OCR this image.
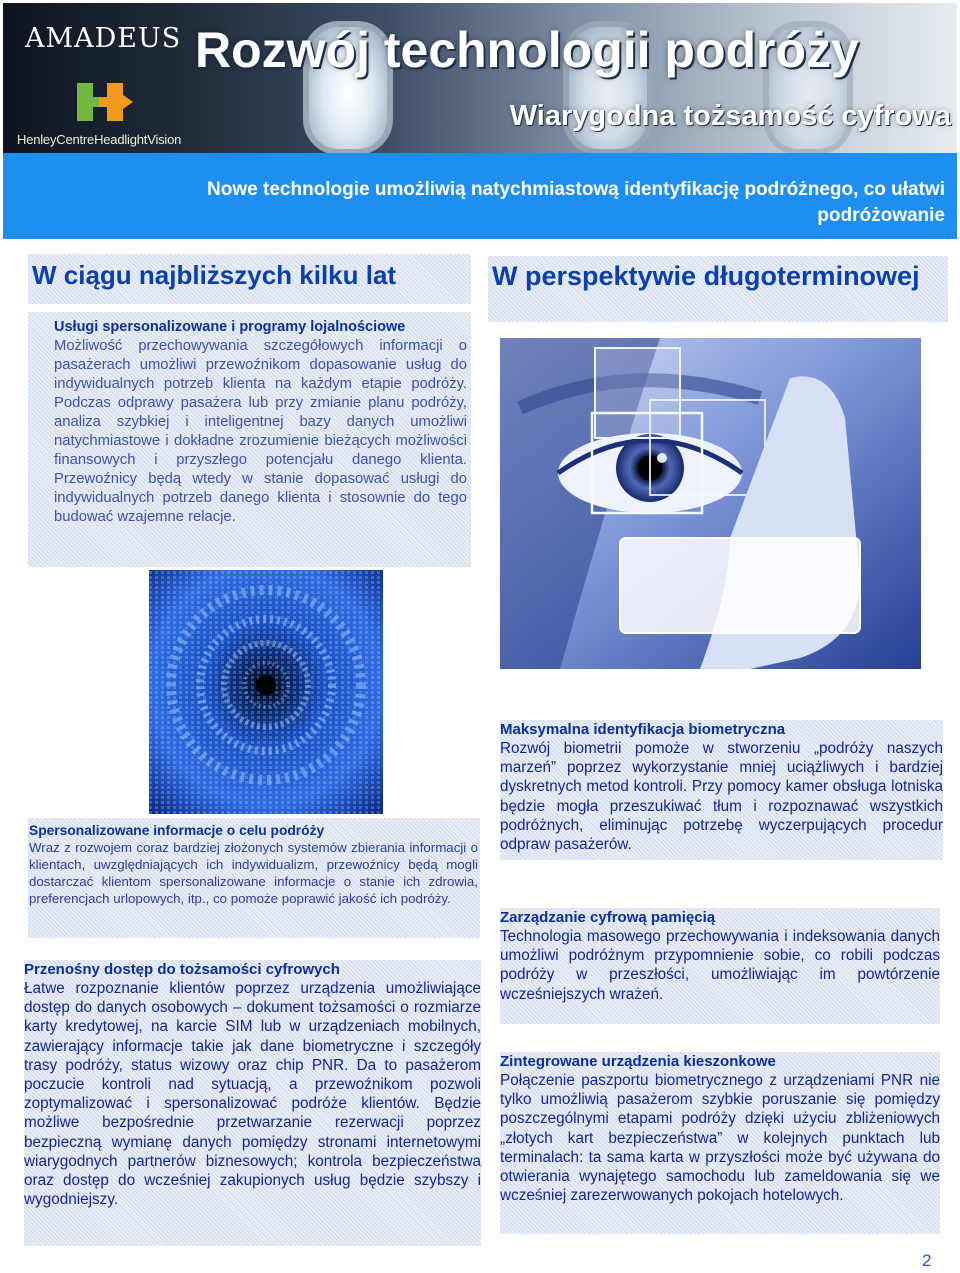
AMADEUS
HenleyCentreHeadlightVision
Rozwój technologii podróży
Wiarygodna tożsamość cyfrowa
Nowe technologie umożliwią natychmiastową identyfikację podróżnego, co ułatwi podróżowanie
W ciągu najbliższych kilku lat
Usługi spersonalizowane i programy lojalnościowe

Możliwość przechowywania szczegółowych informacji o pasażerach umożliwi przewoźnikom dopasowanie usług do indywidualnych potrzeb klienta na każdym etapie podróży. Podczas odprawy pasażera lub przy zmianie planu podróży, analiza szybkiej i inteligentnej bazy danych umożliwi natychmiastowe i dokładne zrozumienie bieżących możliwości finansowych i przyszłego potencjału danego klienta. Przewoźnicy będą wtedy w stanie dopasować usługi do indywidualnych potrzeb danego klienta i stosownie do tego budować wzajemne relacje.

Spersonalizowane informacje o celu podróży

Wraz z rozwojem coraz bardziej złożonych systemów zbierania informacji o klientach, uwzględniających ich indywidualizm, przewoźnicy będą mogli dostarczać klientom spersonalizowane informacje o stanie ich zdrowia, preferencjach urlopowych, itp., co pomoże poprawić jakość ich podróży.

Przenośny dostęp do tożsamości cyfrowych

Łatwe rozpoznanie klientów poprzez urządzenia umożliwiające dostęp do danych osobowych – dokument tożsamości o rozmiarze karty kredytowej, na karcie SIM lub w urządzeniach mobilnych, zawierający informacje takie jak dane biometryczne i szczegóły trasy podróży, status wizowy oraz chip PNR. Da to pasażerom poczucie kontroli nad sytuacją, a przewoźnikom pozwoli zoptymalizować i spersonalizować podróże klientów. Będzie możliwe bezpośrednie przetwarzanie rezerwacji poprzez bezpieczną wymianę danych pomiędzy stronami internetowymi wiarygodnych partnerów biznesowych; kontrola bezpieczeństwa oraz dostęp do wcześniej zakupionych usług będzie szybszy i wygodniejszy.

W perspektywie długoterminowej
Maksymalna identyfikacja biometryczna

Rozwój biometrii pomoże w stworzeniu „podróży naszych marzeń” poprzez wykorzystanie mniej uciążliwych i bardziej dyskretnych metod kontroli. Przy pomocy kamer obsługa lotniska będzie mogła przeszukiwać tłum i rozpoznawać wszystkich podróżnych, eliminując potrzebę wyczerpujących procedur odpraw pasażerów.

Zarządzanie cyfrową pamięcią

Technologia masowego przechowywania i indeksowania danych umożliwi podróżnym przypomnienie sobie, co robili podczas podróży w przeszłości, umożliwiając im powtórzenie wcześniejszych wrażeń.

Zintegrowane urządzenia kieszonkowe

Połączenie paszportu biometrycznego z urządzeniami PNR nie tylko umożliwią pasażerom szybkie poruszanie się pomiędzy poszczególnymi etapami podróży dzięki użyciu zbliżeniowych „złotych kart bezpieczeństwa” w kolejnych punktach lub terminalach: ta sama karta w przyszłości może być używana do otwierania wynajętego samochodu lub zameldowania się we wcześniej zarezerwowanych pokojach hotelowych.

2
